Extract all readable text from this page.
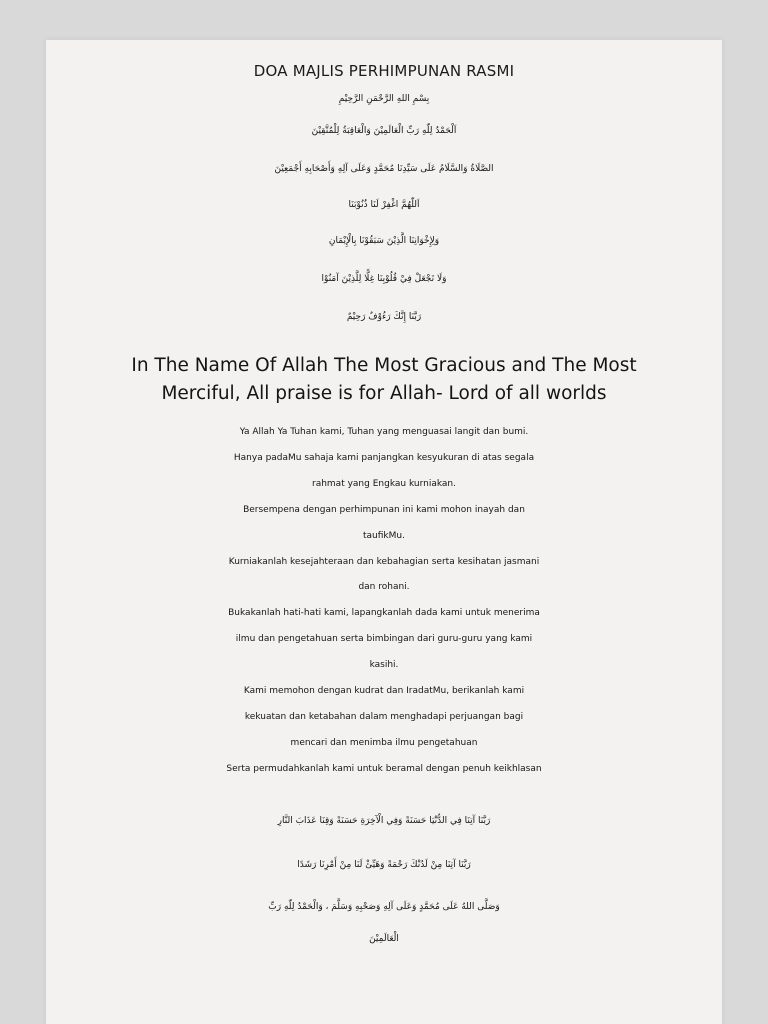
DOA MAJLIS PERHIMPUNAN RASMI
بِسْمِ اللهِ الرَّحْمَنِ الرَّحِيْمِ
اَلْحَمْدُ لِلّٰهِ رَبِّ الْعَالَمِيْنَ وَالْعَاقِبَةُ لِلْمُتَّقِيْنَ
الصَّلَاةُ وَالسَّلَامُ عَلَى سَيِّدِنَا مُحَمَّدٍ وَعَلَى آلِهِ وَأَصْحَابِهِ أَجْمَعِيْنَ
اَللّٰهُمَّ اغْفِرْ لَنَا ذُنُوْبَنَا
وَلِإِخْوَانِنَا الَّذِيْنَ سَبَقُوْنَا بِالْإِيْمَانِ
وَلَا تَجْعَلْ فِيْ قُلُوْبِنَا غِلًّا لِلَّذِيْنَ آمَنُوْا
رَبَّنَا إِنَّكَ رَءُوْفٌ رَحِيْمٌ
In The Name Of Allah The Most Gracious and The Most
Merciful, All praise is for Allah- Lord of all worlds
Ya Allah Ya Tuhan kami, Tuhan yang menguasai langit dan bumi.
Hanya padaMu sahaja kami panjangkan kesyukuran di atas segala
rahmat yang Engkau kurniakan.
Bersempena dengan perhimpunan ini kami mohon inayah dan
taufikMu.
Kurniakanlah kesejahteraan dan kebahagian serta kesihatan jasmani
dan rohani.
Bukakanlah hati-hati kami, lapangkanlah dada kami untuk menerima
ilmu dan pengetahuan serta bimbingan dari guru-guru yang kami
kasihi.
Kami memohon dengan kudrat dan IradatMu, berikanlah kami
kekuatan dan ketabahan dalam menghadapi perjuangan bagi
mencari dan menimba ilmu pengetahuan
Serta permudahkanlah kami untuk beramal dengan penuh keikhlasan
رَبَّنَا آتِنَا فِي الدُّنْيَا حَسَنَةً وَفِي الْآخِرَةِ حَسَنَةً وَقِنَا عَذَابَ النَّارِ
رَبَّنَا آتِنَا مِنْ لَدُنْكَ رَحْمَةً وَهَيِّئْ لَنَا مِنْ أَمْرِنَا رَشَدًا
وَصَلَّى اللهُ عَلَى مُحَمَّدٍ وَعَلَى آلِهِ وَصَحْبِهِ وَسَلَّمَ ، وَالْحَمْدُ لِلّٰهِ رَبِّ
الْعَالَمِيْنَ
